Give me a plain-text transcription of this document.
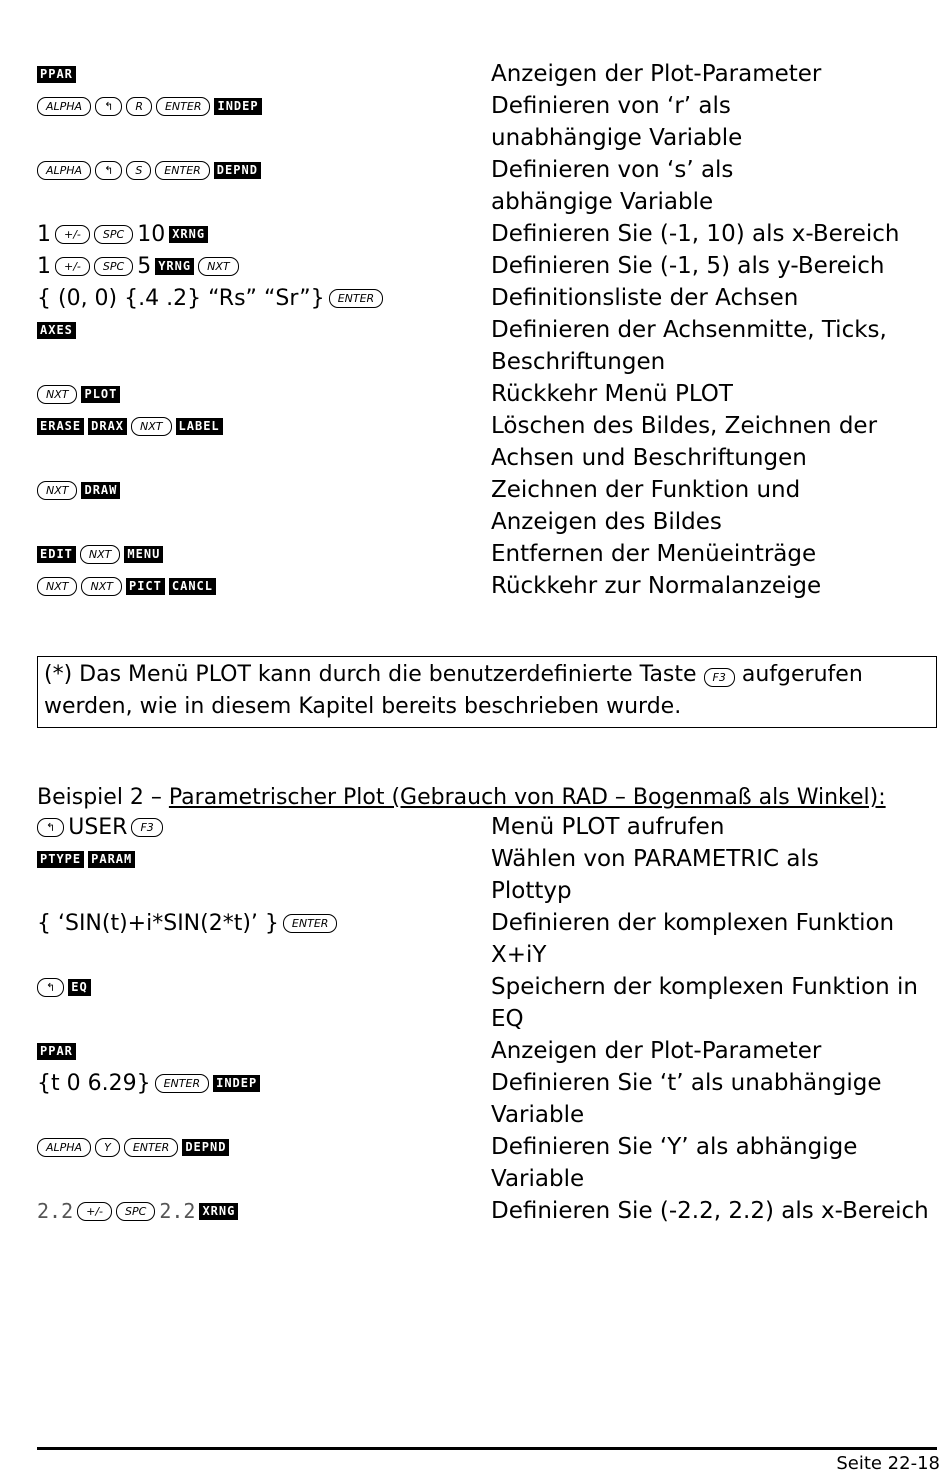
PPAR	Anzeigen der Plot-Parameter
ALPHA	↰	R	ENTER	INDEP	Definieren von ‘r’ als
unabhängige Variable
ALPHA	↰	S	ENTER	DEPND	Definieren von ‘s’ als
abhängige Variable
1	+/-	SPC 10 XRNG	Definieren Sie (-1, 10) als x-Bereich
1	+/-	SPC 5 YRNG	NXT	Definieren Sie (-1, 5) als y-Bereich
{ (0, 0) {.4 .2} “Rs” “Sr”}	ENTER	Definitionsliste der Achsen
AXES	Definieren der Achsenmitte, Ticks,
Beschriftungen
NXT	PLOT	Rückkehr Menü PLOT
ERASE DRAX	NXT	LABEL	Löschen des Bildes, Zeichnen der
Achsen und Beschriftungen
NXT	DRAW	Zeichnen der Funktion und
Anzeigen des Bildes
EDIT	NXT	MENU	Entfernen der Menüeinträge
NXT	NXT	PICT CANCL	Rückkehr zur Normalanzeige
(*) Das Menü PLOT kann durch die benutzerdefinierte Taste F3 aufgerufen werden, wie in diesem Kapitel bereits beschrieben wurde.
Beispiel 2 – Parametrischer Plot (Gebrauch von RAD – Bogenmaß als Winkel):
↰ USER	F3	Menü PLOT aufrufen
PTYPE PARAM	Wählen von PARAMETRIC als
Plottyp
{ ‘SIN(t)+i*SIN(2*t)’ }	ENTER	Definieren der komplexen Funktion
X+iY
↰	EQ	Speichern der komplexen Funktion in
EQ
PPAR	Anzeigen der Plot-Parameter
{t 0 6.29}	ENTER	INDEP	Definieren Sie ‘t’ als unabhängige
Variable
ALPHA	Y	ENTER	DEPND	Definieren Sie ‘Y’ als abhängige
Variable
2.2	+/-	SPC 2.2 XRNG	Definieren Sie (-2.2, 2.2) als x-Bereich
Seite 22-18
